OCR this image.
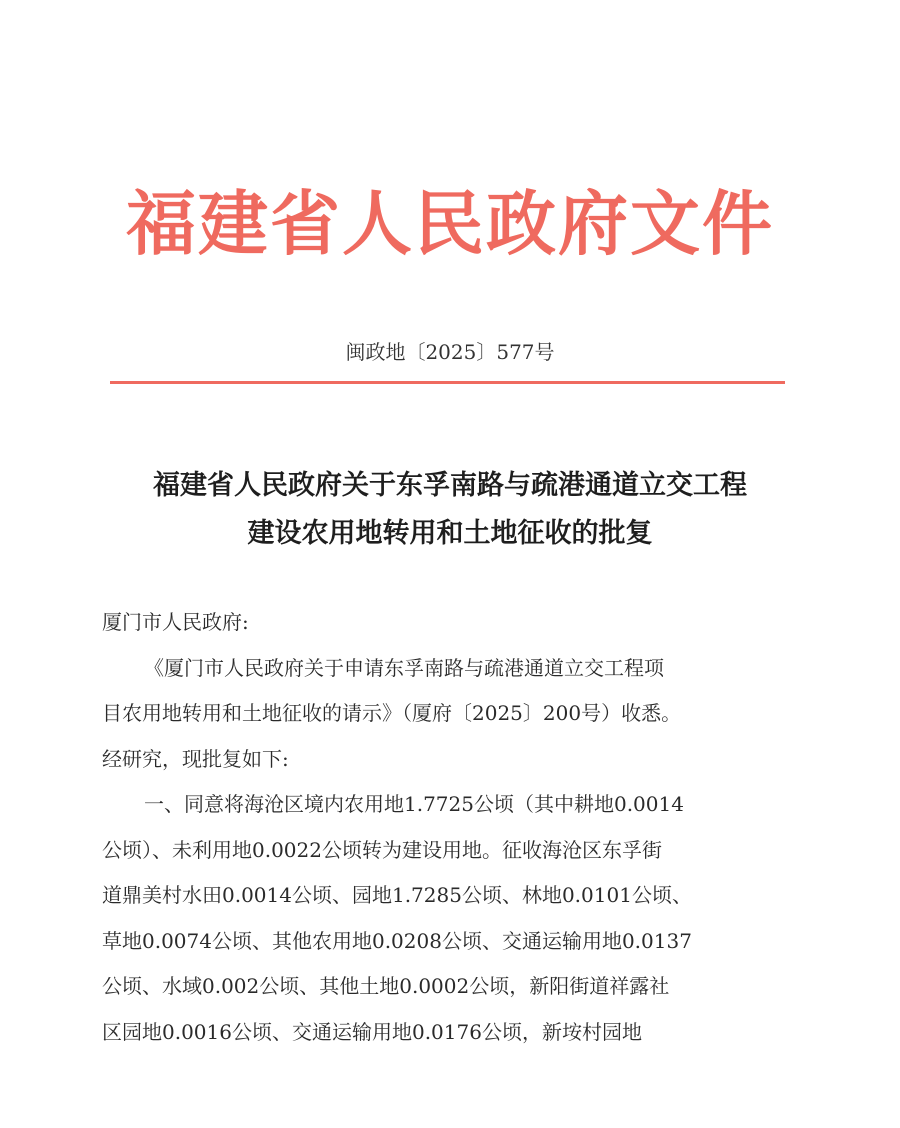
福建省人民政府文件
闽政地〔2025〕577号
福建省人民政府关于东孚南路与疏港通道立交工程
建设农用地转用和土地征收的批复
厦门市人民政府:
《厦门市人民政府关于申请东孚南路与疏港通道立交工程项
目农用地转用和土地征收的请示》（厦府〔2025〕200号）收悉。
经研究，现批复如下:
一、同意将海沧区境内农用地1.7725公顷（其中耕地0.0014
公顷）、未利用地0.0022公顷转为建设用地。征收海沧区东孚街
道鼎美村水田0.0014公顷、园地1.7285公顷、林地0.0101公顷、
草地0.0074公顷、其他农用地0.0208公顷、交通运输用地0.0137
公顷、水域0.002公顷、其他土地0.0002公顷，新阳街道祥露社
区园地0.0016公顷、交通运输用地0.0176公顷，新垵村园地
